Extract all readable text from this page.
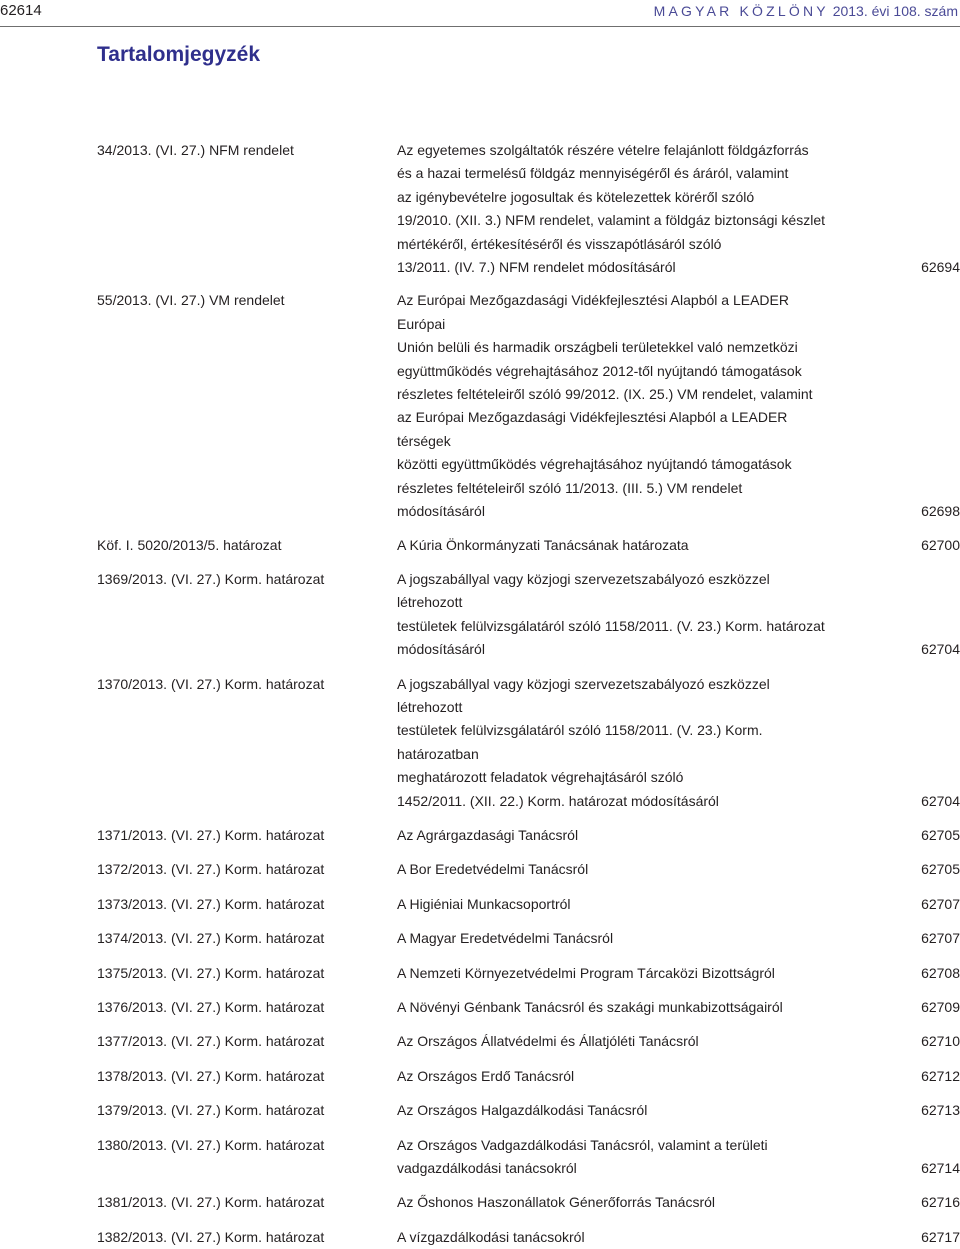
62614	MAGYAR KÖZLÖNY 2013. évi 108. szám
Tartalomjegyzék
34/2013. (VI. 27.) NFM rendelet	Az egyetemes szolgáltatók részére vételre felajánlott földgázforrás
és a hazai termelésű földgáz mennyiségéről és áráról, valamint
az igénybevételre jogosultak és kötelezettek köréről szóló
19/2010. (XII. 3.) NFM rendelet, valamint a földgáz biztonsági készlet
mértékéről, értékesítéséről és visszapótlásáról szóló
13/2011. (IV. 7.) NFM rendelet módosításáról	62694
55/2013. (VI. 27.) VM rendelet	Az Európai Mezőgazdasági Vidékfejlesztési Alapból a LEADER Európai
Unión belüli és harmadik országbeli területekkel való nemzetközi
együttműködés végrehajtásához 2012-től nyújtandó támogatások
részletes feltételeiről szóló 99/2012. (IX. 25.) VM rendelet, valamint
az Európai Mezőgazdasági Vidékfejlesztési Alapból a LEADER térségek
közötti együttműködés végrehajtásához nyújtandó támogatások
részletes feltételeiről szóló 11/2013. (III. 5.) VM rendelet módosításáról	62698
Köf. I. 5020/2013/5. határozat	A Kúria Önkormányzati Tanácsának határozata	62700
1369/2013. (VI. 27.) Korm. határozat	A jogszabállyal vagy közjogi szervezetszabályozó eszközzel létrehozott
testületek felülvizsgálatáról szóló 1158/2011. (V. 23.) Korm. határozat
módosításáról	62704
1370/2013. (VI. 27.) Korm. határozat	A jogszabállyal vagy közjogi szervezetszabályozó eszközzel létrehozott
testületek felülvizsgálatáról szóló 1158/2011. (V. 23.) Korm. határozatban
meghatározott feladatok végrehajtásáról szóló
1452/2011. (XII. 22.) Korm. határozat módosításáról	62704
1371/2013. (VI. 27.) Korm. határozat	Az Agrárgazdasági Tanácsról	62705
1372/2013. (VI. 27.) Korm. határozat	A Bor Eredetvédelmi Tanácsról	62705
1373/2013. (VI. 27.) Korm. határozat	A Higiéniai Munkacsoportról	62707
1374/2013. (VI. 27.) Korm. határozat	A Magyar Eredetvédelmi Tanácsról	62707
1375/2013. (VI. 27.) Korm. határozat	A Nemzeti Környezetvédelmi Program Tárcaközi Bizottságról	62708
1376/2013. (VI. 27.) Korm. határozat	A Növényi Génbank Tanácsról és szakági munkabizottságairól	62709
1377/2013. (VI. 27.) Korm. határozat	Az Országos Állatvédelmi és Állatjóléti Tanácsról	62710
1378/2013. (VI. 27.) Korm. határozat	Az Országos Erdő Tanácsról	62712
1379/2013. (VI. 27.) Korm. határozat	Az Országos Halgazdálkodási Tanácsról	62713
1380/2013. (VI. 27.) Korm. határozat	Az Országos Vadgazdálkodási Tanácsról, valamint a területi
vadgazdálkodási tanácsokról	62714
1381/2013. (VI. 27.) Korm. határozat	Az Őshonos Haszonállatok Génerőforrás Tanácsról	62716
1382/2013. (VI. 27.) Korm. határozat	A vízgazdálkodási tanácsokról	62717
